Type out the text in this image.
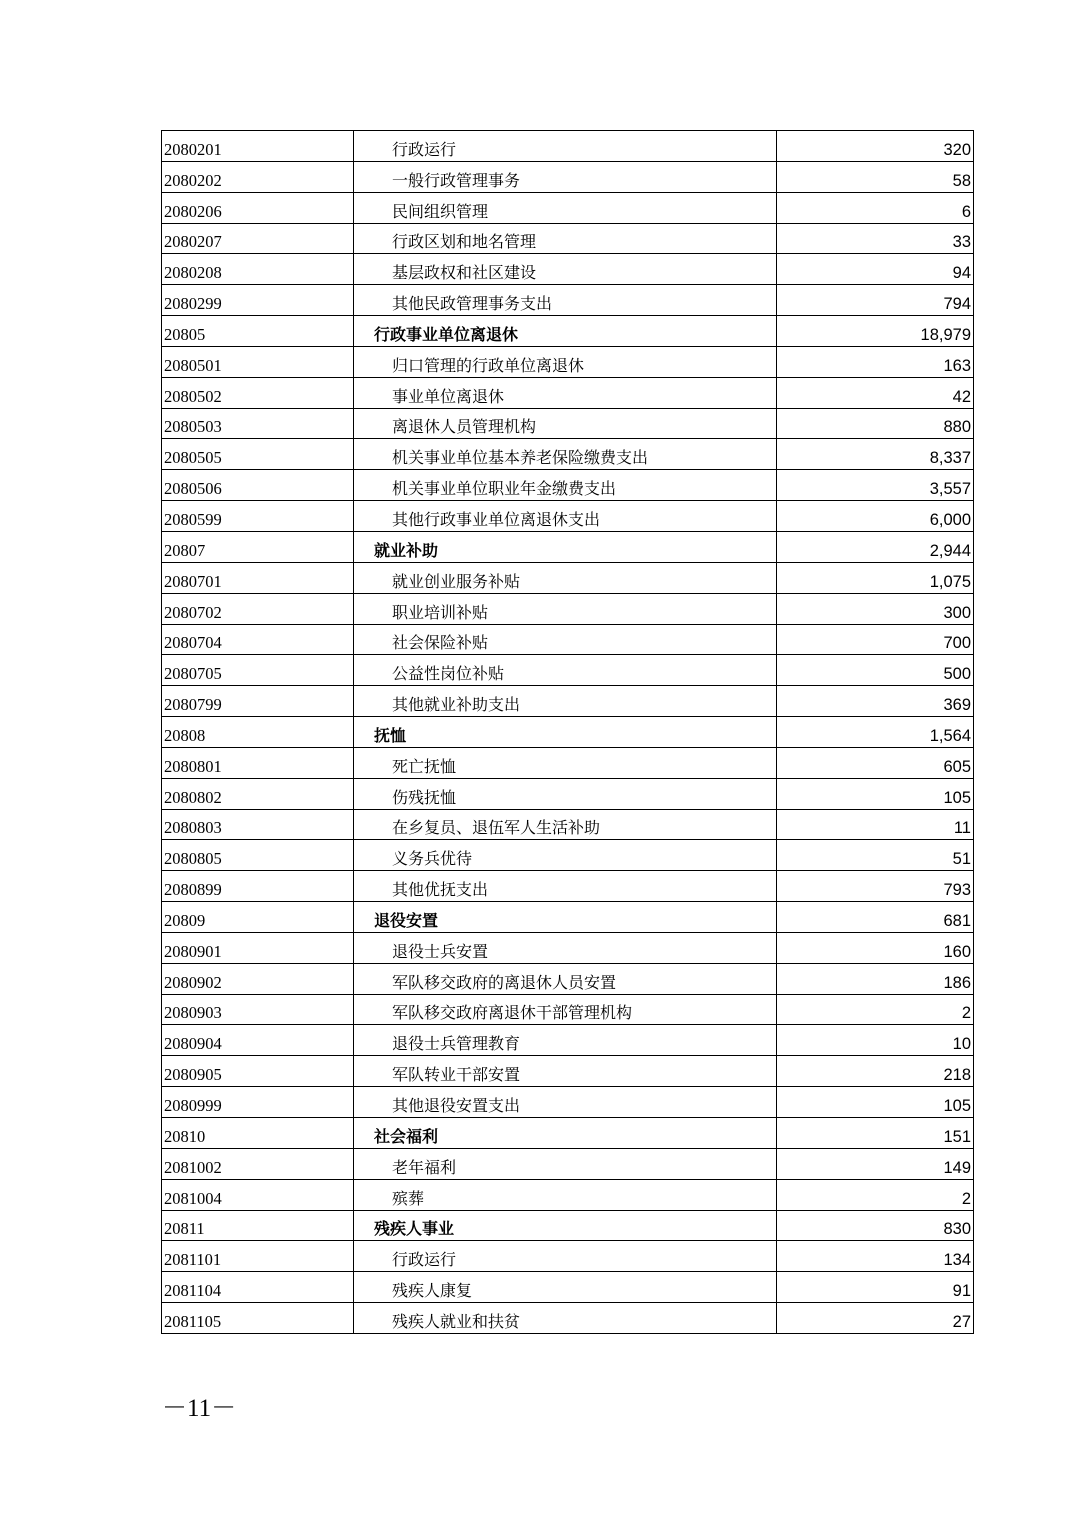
2080201	行政运行	320
2080202	一般行政管理事务	58
2080206	民间组织管理	6
2080207	行政区划和地名管理	33
2080208	基层政权和社区建设	94
2080299	其他民政管理事务支出	794
20805	行政事业单位离退休	18,979
2080501	归口管理的行政单位离退休	163
2080502	事业单位离退休	42
2080503	离退休人员管理机构	880
2080505	机关事业单位基本养老保险缴费支出	8,337
2080506	机关事业单位职业年金缴费支出	3,557
2080599	其他行政事业单位离退休支出	6,000
20807	就业补助	2,944
2080701	就业创业服务补贴	1,075
2080702	职业培训补贴	300
2080704	社会保险补贴	700
2080705	公益性岗位补贴	500
2080799	其他就业补助支出	369
20808	抚恤	1,564
2080801	死亡抚恤	605
2080802	伤残抚恤	105
2080803	在乡复员、退伍军人生活补助	11
2080805	义务兵优待	51
2080899	其他优抚支出	793
20809	退役安置	681
2080901	退役士兵安置	160
2080902	军队移交政府的离退休人员安置	186
2080903	军队移交政府离退休干部管理机构	2
2080904	退役士兵管理教育	10
2080905	军队转业干部安置	218
2080999	其他退役安置支出	105
20810	社会福利	151
2081002	老年福利	149
2081004	殡葬	2
20811	残疾人事业	830
2081101	行政运行	134
2081104	残疾人康复	91
2081105	残疾人就业和扶贫	27
－11－
